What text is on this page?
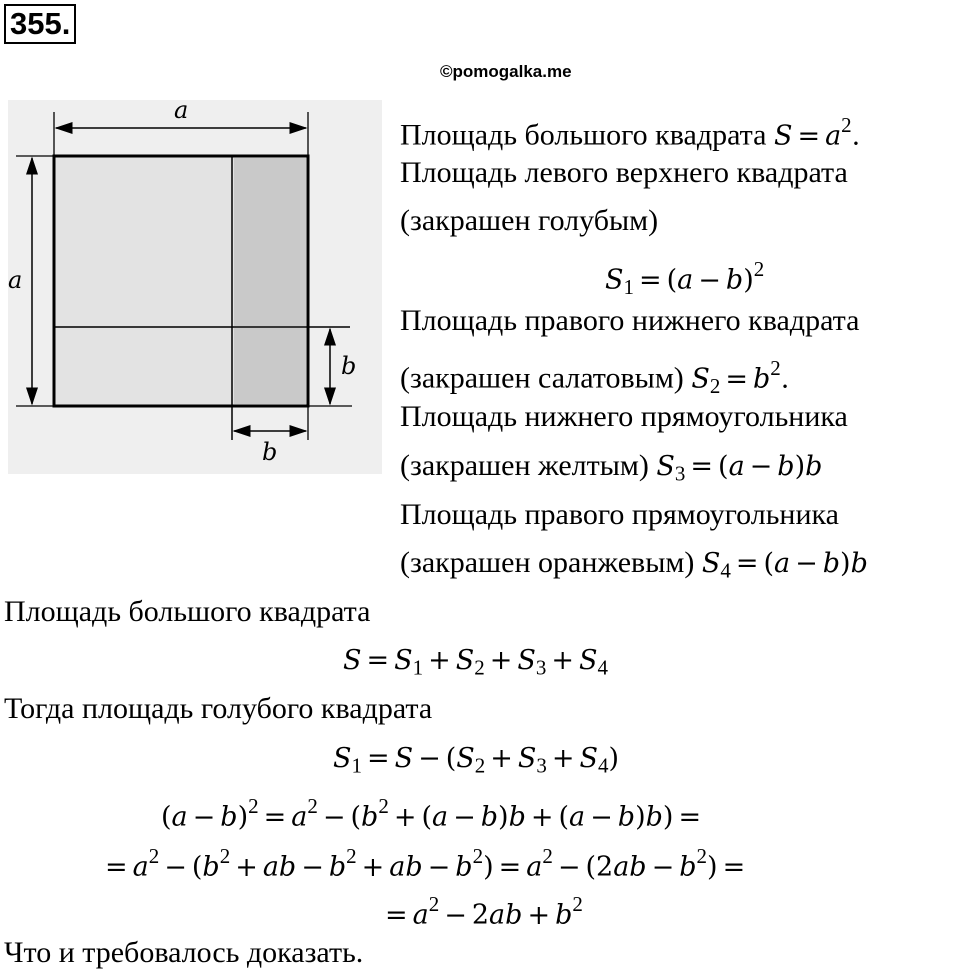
355.
©pomogalka.me
a
a
b
b
Площадь большого квадрата $S = a^2$.
Площадь левого верхнего квадрата
(закрашен голубым)
$S_1 = (a - b)^2$
Площадь правого нижнего квадрата
(закрашен салатовым) $S_2 = b^2$.
Площадь нижнего прямоугольника
(закрашен желтым) $S_3 = (a - b)b$
Площадь правого прямоугольника
(закрашен оранжевым) $S_4 = (a - b)b$
Площадь большого квадрата
$S = S_1 + S_2 + S_3 + S_4$
Тогда площадь голубого квадрата
$S_1 = S - (S_2 + S_3 + S_4)$
$(a - b)^2 = a^2 - (b^2 + (a - b)b + (a - b)b)$ =
= $a^2 - (b^2$ + ab − $b^2$ + ab − $b^2) = a^2 - (2ab - b^2)$ =
= $a^2 - 2ab + b^2$
Что и требовалось доказать.
